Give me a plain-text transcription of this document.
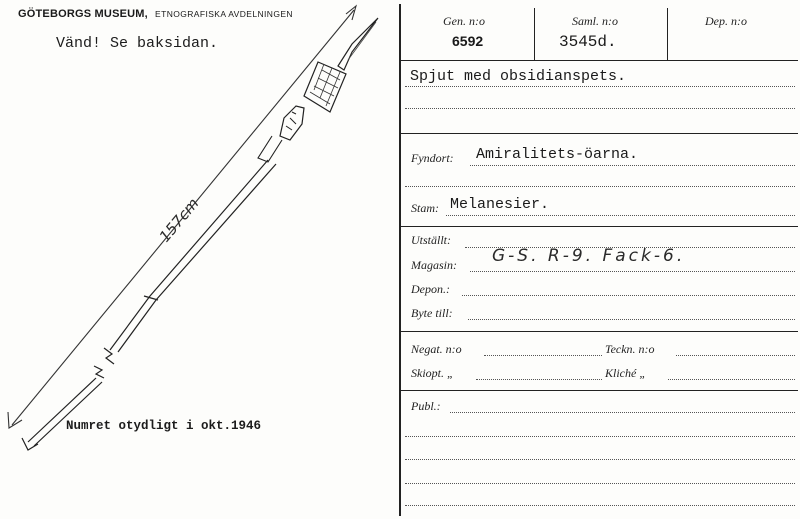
GÖTEBORGS MUSEUM, ETNOGRAFISKA AVDELNINGEN
Vänd! Se baksidan.
157cm
Numret otydligt i okt.1946
Gen. n:o
6592
Saml. n:o
3545d.
Dep. n:o
Spjut med obsidianspets.
Fyndort: Amiralitets-öarna.
Stam: Melanesier.
Utställt:
Magasin: G-S. R-9. Fack-6.
Depon.:
Byte till:
Negat. n:o	Teckn. n:o
Skiopt. „	Kliché „
Publ.:
